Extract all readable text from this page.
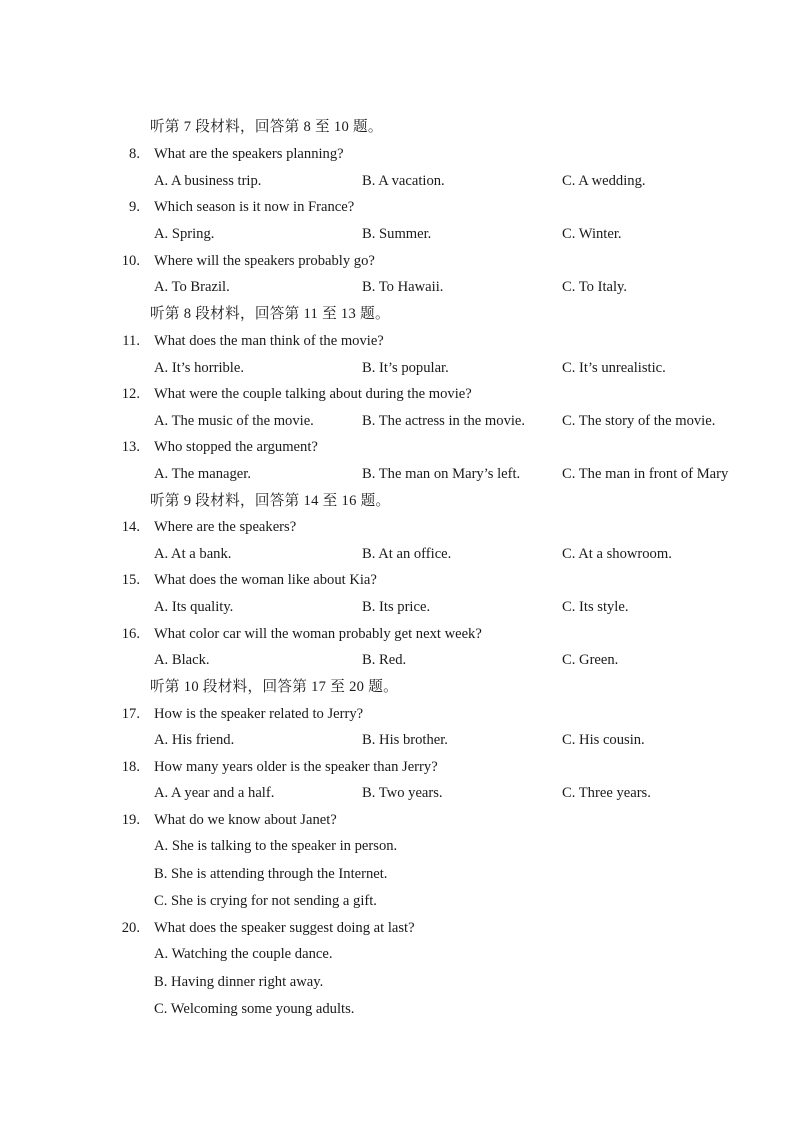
听第 7 段材料，回答第 8 至 10 题。
8. What are the speakers planning?
A. A business trip.	B. A vacation.	C. A wedding.
9. Which season is it now in France?
A. Spring.	B. Summer.	C. Winter.
10. Where will the speakers probably go?
A. To Brazil.	B. To Hawaii.	C. To Italy.
听第 8 段材料，回答第 11 至 13 题。
11. What does the man think of the movie?
A. It’s horrible.	B. It’s popular.	C. It’s unrealistic.
12. What were the couple talking about during the movie?
A. The music of the movie.	B. The actress in the movie.	C. The story of the movie.
13. Who stopped the argument?
A. The manager.	B. The man on Mary’s left.	C. The man in front of Mary
听第 9 段材料，回答第 14 至 16 题。
14. Where are the speakers?
A. At a bank.	B. At an office.	C. At a showroom.
15. What does the woman like about Kia?
A. Its quality.	B. Its price.	C. Its style.
16. What color car will the woman probably get next week?
A. Black.	B. Red.	C. Green.
听第 10 段材料，回答第 17 至 20 题。
17. How is the speaker related to Jerry?
A. His friend.	B. His brother.	C. His cousin.
18. How many years older is the speaker than Jerry?
A. A year and a half.	B. Two years.	C. Three years.
19. What do we know about Janet?
A. She is talking to the speaker in person.
B. She is attending through the Internet.
C. She is crying for not sending a gift.
20. What does the speaker suggest doing at last?
A. Watching the couple dance.
B. Having dinner right away.
C. Welcoming some young adults.
